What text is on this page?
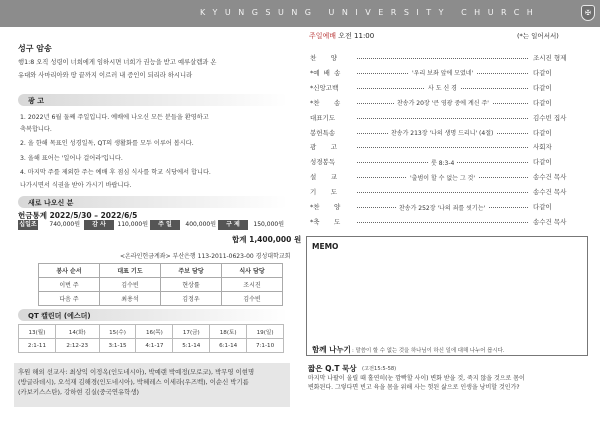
KYUNGSUNG UNIVERSITY CHURCH	✠
성구 암송
행1:8 오직 성령이 너희에게 임하시면 너희가 권능을 받고 예루살렘과 온
유대와 사마리아와 땅 끝까지 이르러 내 증인이 되리라 하시니라
광 고
1. 2022년 6월 둘째 주일입니다. 예배에 나오신 모든 분들을 환영하고
축복합니다.
2. 올 한해 목표인 성경일독, QT의 생활화를 모두 이루어 봅시다.
3. 올해 표어는 '일어나 걸어라'입니다.
4. 마지막 주를 제외한 주는 예배 후 점심 식사를 학교 식당에서 합니다.
나가시면서 식권을 받아 가시기 바랍니다.
새로 나오신 분
헌금통계 2022/5/30 – 2022/6/5
십일조	740,000원	감 사	110,000원	주 일	400,000원	구 제	150,000원
합계 1,400,000 원
<온라인헌금계좌> 부산은행 113-2011-0623-00 경성대학교회
봉사 순서	대표 기도	주보 담당	식사 담당
이번 주	김수빈	현상률	조시진
다음 주	최용석	김정우	김수빈
QT 캘린더 (에스더)
13(월)	14(화)	15(수)	16(목)	17(금)	18(토)	19(일)
2:1-11	2:12-23	3:1-15	4:1-17	5:1-14	6:1-14	7:1-10
후원 해외 선교사: 최상익 이정옥(인도네시아), 박예랜 박예정(모로코), 박무영 이현명
(방글라데시), 오석재 김해경(인도네시아), 박혜레스 이세라(우즈벡), 이순신 박기름
(카보키스스탄), 강하현 김실(중국연유학생)
주일예배 오전 11:00	(*는 일어서서)
찬       양	조시진 형제
*예  배  송	'우리 보좌 앞에 모였네'	다같이
*신앙고백	사 도 신 경	다같이
*찬       송	찬송가 20장 '큰 영광 중에 계신 주'	다같이
대표기도	김수빈 집사
봉헌특송	찬송가 213장 '나의 생명 드리니' (4절)	다같이
광       고	사회자
성경봉독	룻 8:3-4	다같이
설       교	'출범이 할 수 없는 그 것'	송수건 목사
기       도	송수건 목사
*찬       양	찬송가 252장 '나의 죄를 씻기는'	다같이
*축       도	송수건 목사
MEMO
함께 나누기 : 말씀이 할 수 없는 것을 하나님이 하신 일에 대해 나누어 봅시다.
짧은 Q.T 묵상 (고전15:5-58)
마지막 나팔이 울릴 때 홀연히(눈 깜빡할 사이) 변화 받을 것, 죽지 않을 것으로 몸이
변화된다. 그렇다면 빈고 육을 몸을 위해 사는 헛된 삶으로 인생을 낭비할 것인가?
